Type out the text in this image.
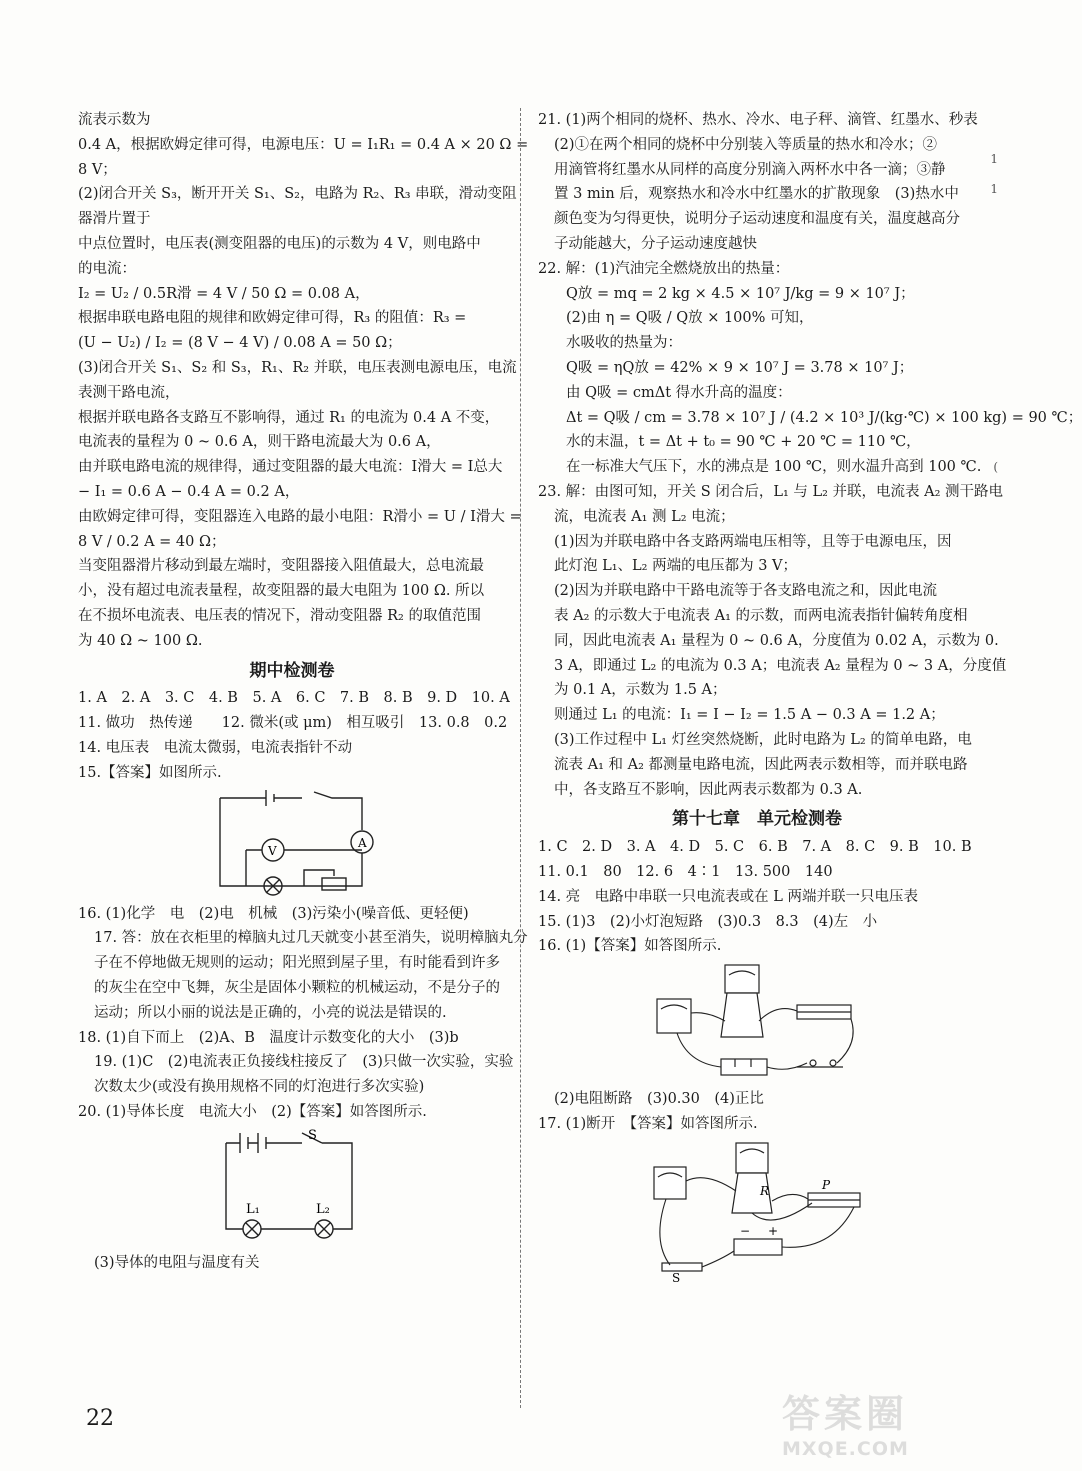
流表示数为
0.4 A，根据欧姆定律可得，电源电压：U = I₁R₁ = 0.4 A × 20 Ω =
8 V；
(2)闭合开关 S₃，断开开关 S₁、S₂，电路为 R₂、R₃ 串联，滑动变阻
器滑片置于
中点位置时，电压表(测变阻器的电压)的示数为 4 V，则电路中
的电流：
I₂ = U₂ / 0.5R滑 = 4 V / 50 Ω = 0.08 A，
根据串联电路电阻的规律和欧姆定律可得，R₃ 的阻值：R₃ =
(U − U₂) / I₂ = (8 V − 4 V) / 0.08 A = 50 Ω；
(3)闭合开关 S₁、S₂ 和 S₃，R₁、R₂ 并联，电压表测电源电压，电流
表测干路电流，
根据并联电路各支路互不影响得，通过 R₁ 的电流为 0.4 A 不变，
电流表的量程为 0 ~ 0.6 A，则干路电流最大为 0.6 A，
由并联电路电流的规律得，通过变阻器的最大电流：I滑大 = I总大
− I₁ = 0.6 A − 0.4 A = 0.2 A，
由欧姆定律可得，变阻器连入电路的最小电阻：R滑小 = U / I滑大 =
8 V / 0.2 A = 40 Ω；
当变阻器滑片移动到最左端时，变阻器接入阻值最大，总电流最
小，没有超过电流表量程，故变阻器的最大电阻为 100 Ω. 所以
在不损坏电流表、电压表的情况下，滑动变阻器 R₂ 的取值范围
为 40 Ω ~ 100 Ω.
期中检测卷
1. A　2. A　3. C　4. B　5. A　6. C　7. B　8. B　9. D　10. A
11. 做功　热传递　　12. 微米(或 μm)　相互吸引　13. 0.8　0.2
14. 电压表　电流太微弱，电流表指针不动
15.【答案】如图所示.
A
V
16. (1)化学　电　(2)电　机械　(3)污染小(噪音低、更轻便)
17. 答：放在衣柜里的樟脑丸过几天就变小甚至消失，说明樟脑丸分
子在不停地做无规则的运动；阳光照到屋子里，有时能看到许多
的灰尘在空中飞舞，灰尘是固体小颗粒的机械运动，不是分子的
运动；所以小丽的说法是正确的，小亮的说法是错误的.
18. (1)自下而上　(2)A、B　温度计示数变化的大小　(3)b
19. (1)C　(2)电流表正负接线柱接反了　(3)只做一次实验，实验
次数太少(或没有换用规格不同的灯泡进行多次实验)
20. (1)导体长度　电流大小　(2)【答案】如答图所示.
S
L₁	L₂
(3)导体的电阻与温度有关
21. (1)两个相同的烧杯、热水、冷水、电子秤、滴管、红墨水、秒表
(2)①在两个相同的烧杯中分别装入等质量的热水和冷水；②
用滴管将红墨水从同样的高度分别滴入两杯水中各一滴；③静
置 3 min 后，观察热水和冷水中红墨水的扩散现象　(3)热水中
颜色变为匀得更快，说明分子运动速度和温度有关，温度越高分
子动能越大，分子运动速度越快
22. 解：(1)汽油完全燃烧放出的热量：
Q放 = mq = 2 kg × 4.5 × 10⁷ J/kg = 9 × 10⁷ J；
(2)由 η = Q吸 / Q放 × 100% 可知，
水吸收的热量为：
Q吸 = ηQ放 = 42% × 9 × 10⁷ J = 3.78 × 10⁷ J；
由 Q吸 = cmΔt 得水升高的温度：
Δt = Q吸 / cm = 3.78 × 10⁷ J / (4.2 × 10³ J/(kg·℃) × 100 kg) = 90 ℃；
水的末温，t = Δt + t₀ = 90 ℃ + 20 ℃ = 110 ℃，
在一标准大气压下，水的沸点是 100 ℃，则水温升高到 100 ℃.
23. 解：由图可知，开关 S 闭合后，L₁ 与 L₂ 并联，电流表 A₂ 测干路电
流，电流表 A₁ 测 L₂ 电流；
(1)因为并联电路中各支路两端电压相等，且等于电源电压，因
此灯泡 L₁、L₂ 两端的电压都为 3 V；
(2)因为并联电路中干路电流等于各支路电流之和，因此电流
表 A₂ 的示数大于电流表 A₁ 的示数，而两电流表指针偏转角度相
同，因此电流表 A₁ 量程为 0 ~ 0.6 A，分度值为 0.02 A，示数为 0.
3 A，即通过 L₂ 的电流为 0.3 A；电流表 A₂ 量程为 0 ~ 3 A，分度值
为 0.1 A，示数为 1.5 A；
则通过 L₁ 的电流：I₁ = I − I₂ = 1.5 A − 0.3 A = 1.2 A；
(3)工作过程中 L₁ 灯丝突然烧断，此时电路为 L₂ 的简单电路，电
流表 A₁ 和 A₂ 都测量电路电流，因此两表示数相等，而并联电路
中，各支路互不影响，因此两表示数都为 0.3 A.
第十七章　单元检测卷
1. C　2. D　3. A　4. D　5. C　6. B　7. A　8. C　9. B　10. B
11. 0.1　80　12. 6　4∶1　13. 500　140
14. 亮　电路中串联一只电流表或在 L 两端并联一只电压表
15. (1)3　(2)小灯泡短路　(3)0.3　8.3　(4)左　小
16. (1)【答案】如答图所示.
(2)电阻断路　(3)0.30　(4)正比
17. (1)断开　【答案】如答图所示.
R	P
S
− +
22
1
1
(
答案圈
MXQE.COM
